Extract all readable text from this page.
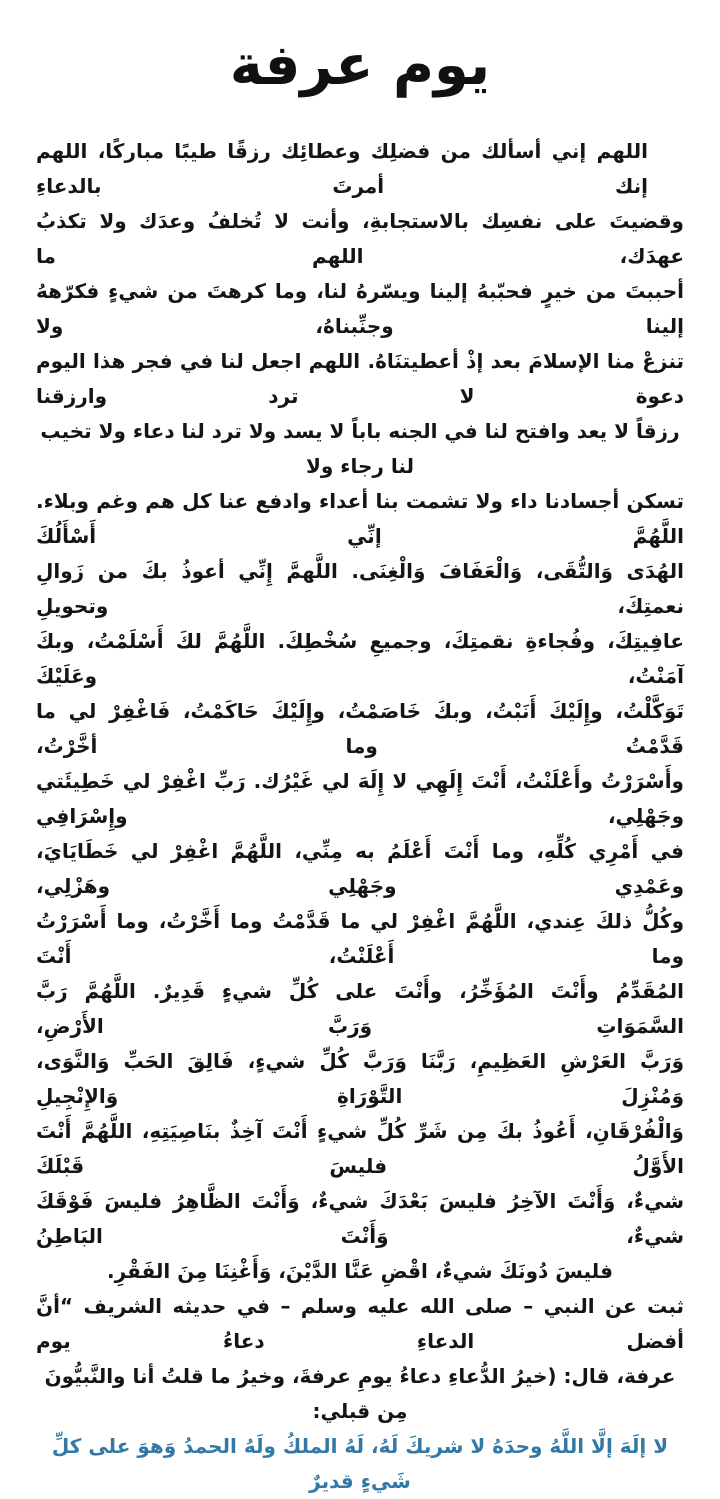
يوم عرفة
اللهم إني أسألك من فضلِك وعطائِك رزقًا طيبًا مباركًا، اللهم إنك أمرتَ بالدعاءِ
وقضيتَ على نفسِك بالاستجابةِ، وأنت لا تُخلفُ وعدَك ولا تكذبُ عهدَك، اللهم ما
أحببتَ من خيرٍ فحبّبهُ إلينا ويسّرهُ لنا، وما كرهتَ من شيءٍ فكرّههُ إلينا وجنِّبناهُ، ولا
تنزعْ منا الإسلامَ بعد إذْ أعطيتنَاهُ. اللهم اجعل لنا في فجر هذا اليوم دعوة لا ترد وارزقنا
رزقاً لا يعد وافتح لنا في الجنه باباً لا يسد ولا ترد لنا دعاء ولا تخيب لنا رجاء ولا
تسكن أجسادنا داء ولا تشمت بنا أعداء وادفع عنا كل هم وغم وبلاء. اللَّهُمَّ إنِّي أَسْأَلُكَ
الهُدَى وَالتُّقَى، وَالْعَفَافَ وَالْغِنَى. اللَّهمَّ إِنِّي أعوذُ بكَ من زَوالِ نعمتِكَ، وتحويلِ
عافِيتِكَ، وفُجاءةِ نقمتِكَ، وجميعِ سُخْطِكَ. اللَّهُمَّ لكَ أَسْلَمْتُ، وبكَ آمَنْتُ، وعَلَيْكَ
تَوَكَّلْتُ، وإِلَيْكَ أَنَبْتُ، وبكَ خَاصَمْتُ، وإِلَيْكَ حَاكَمْتُ، فَاغْفِرْ لي ما قَدَّمْتُ وما أخَّرْتُ،
وأَسْرَرْتُ وأَعْلَنْتُ، أَنْتَ إِلَهِي لا إِلَهَ لي غَيْرُك. رَبِّ اغْفِرْ لي خَطِيئَتي وجَهْلِي، وإِسْرَافِي
في أَمْرِي كُلِّهِ، وما أَنْتَ أَعْلَمُ به مِنِّي، اللَّهُمَّ اغْفِرْ لي خَطَايَايَ، وعَمْدِي وجَهْلِي وهَزْلِي،
وكُلُّ ذلكَ عِندي، اللَّهُمَّ اغْفِرْ لي ما قَدَّمْتُ وما أَخَّرْتُ، وما أَسْرَرْتُ وما أَعْلَنْتُ، أَنْتَ
المُقَدِّمُ وأَنْتَ المُؤَخِّرُ، وأَنْتَ على كُلِّ شيءٍ قَدِيرٌ. اللَّهُمَّ رَبَّ السَّمَوَاتِ وَرَبَّ الأَرْضِ،
وَرَبَّ العَرْشِ العَظِيمِ، رَبَّنَا وَرَبَّ كُلِّ شيءٍ، فَالِقَ الحَبِّ وَالنَّوَى، وَمُنْزِلَ التَّوْرَاةِ وَالإِنْجِيلِ
وَالْفُرْقَانِ، أَعُوذُ بكَ مِن شَرِّ كُلِّ شيءٍ أَنْتَ آخِذٌ بنَاصِيَتِهِ، اللَّهُمَّ أَنْتَ الأَوَّلُ فليسَ قَبْلَكَ
شيءٌ، وَأَنْتَ الآخِرُ فليسَ بَعْدَكَ شيءٌ، وَأَنْتَ الظَّاهِرُ فليسَ فَوْقَكَ شيءٌ، وَأَنْتَ البَاطِنُ
فليسَ دُونَكَ شيءٌ، اقْضِ عَنَّا الدَّيْنَ، وَأَغْنِنَا مِنَ الفَقْرِ.
ثبت عن النبي – صلى الله عليه وسلم – في حديثه الشريف “أنَّ أفضل الدعاءِ دعاءُ يوم
عرفة، قال: (خيرُ الدُّعاءِ دعاءُ يومِ عرفةَ، وخيرُ ما قلتُ أنا والنَّبيُّونَ مِن قبلي:
لا إلَهَ إلَّا اللَّهُ وحدَهُ لا شريكَ لَهُ، لَهُ الملكُ ولَهُ الحمدُ وَهوَ على كلِّ شَيءٍ قديرٌ
